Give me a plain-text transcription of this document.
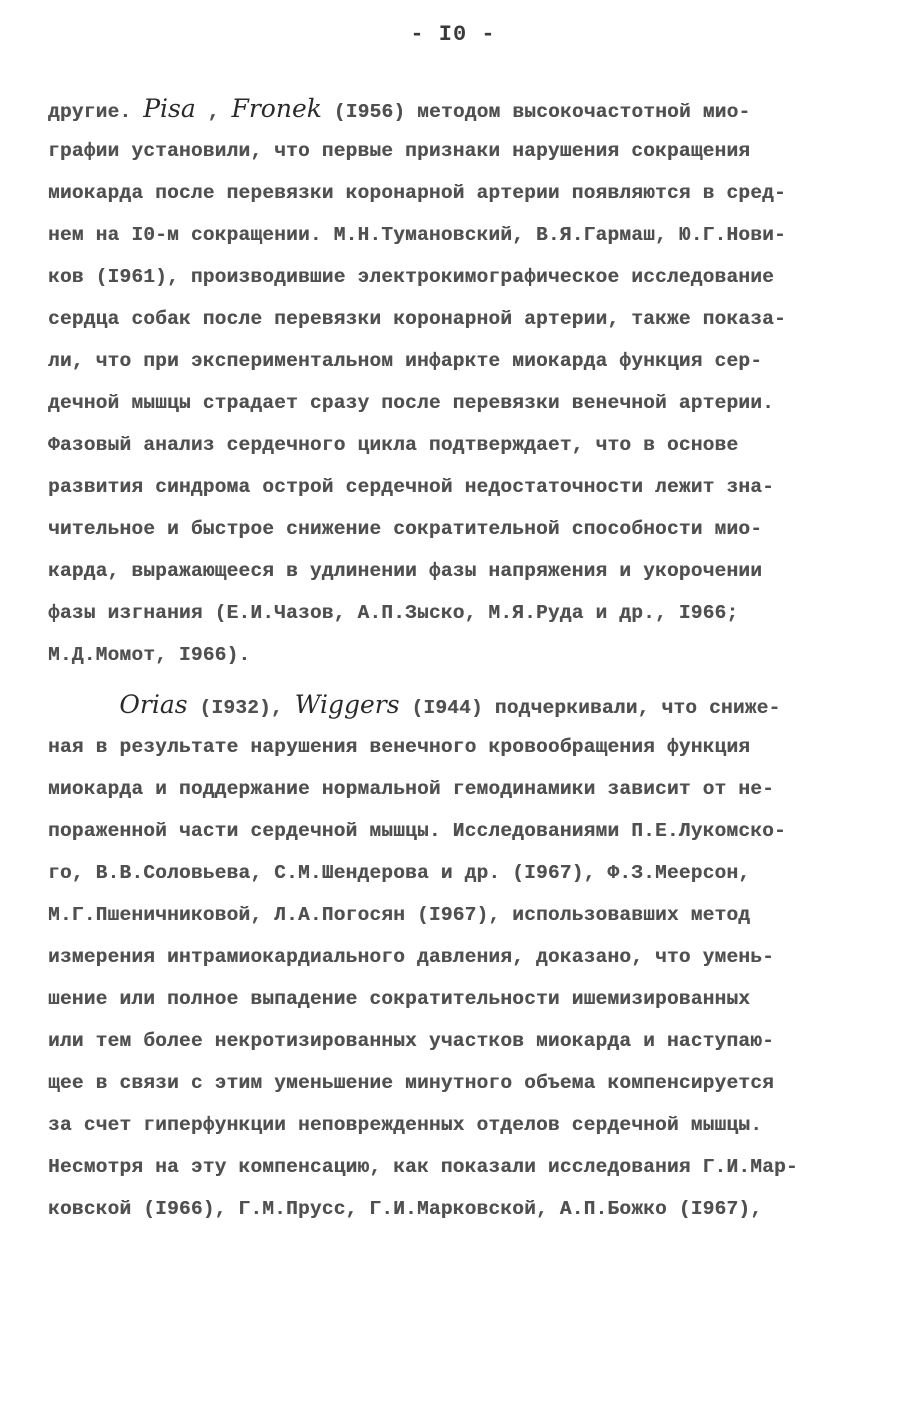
- I0 -
другие. Pisa , Fronek (I956) методом высокочастотной мио-
графии установили, что первые признаки нарушения сокращения
миокарда после перевязки коронарной артерии появляются в сред-
нем на I0-м сокращении. М.Н.Тумановский, В.Я.Гармаш, Ю.Г.Нови-
ков (I961), производившие электрокимографическое исследование
сердца собак после перевязки коронарной артерии, также показа-
ли, что при экспериментальном инфаркте миокарда функция сер-
дечной мышцы страдает сразу после перевязки венечной артерии.
Фазовый анализ сердечного цикла подтверждает, что в основе
развития синдрома острой сердечной недостаточности лежит зна-
чительное и быстрое снижение сократительной способности мио-
карда, выражающееся в удлинении фазы напряжения и укорочении
фазы изгнания (Е.И.Чазов, А.П.Зыско, М.Я.Руда и др., I966;
М.Д.Момот, I966).
Orias (I932), Wiggers (I944) подчеркивали, что сниже-
ная в результате нарушения венечного кровообращения функция
миокарда и поддержание нормальной гемодинамики зависит от не-
пораженной части сердечной мышцы. Исследованиями П.Е.Лукомско-
го, В.В.Соловьева, С.М.Шендерова и др. (I967), Ф.З.Меерсон,
М.Г.Пшеничниковой, Л.А.Погосян (I967), использовавших метод
измерения интрамиокардиального давления, доказано, что умень-
шение или полное выпадение сократительности ишемизированных
или тем более некротизированных участков миокарда и наступаю-
щее в связи с этим уменьшение минутного объема компенсируется
за счет гиперфункции неповрежденных отделов сердечной мышцы.
Несмотря на эту компенсацию, как показали исследования Г.И.Мар-
ковской (I966), Г.М.Прусс, Г.И.Марковской, А.П.Божко (I967),
